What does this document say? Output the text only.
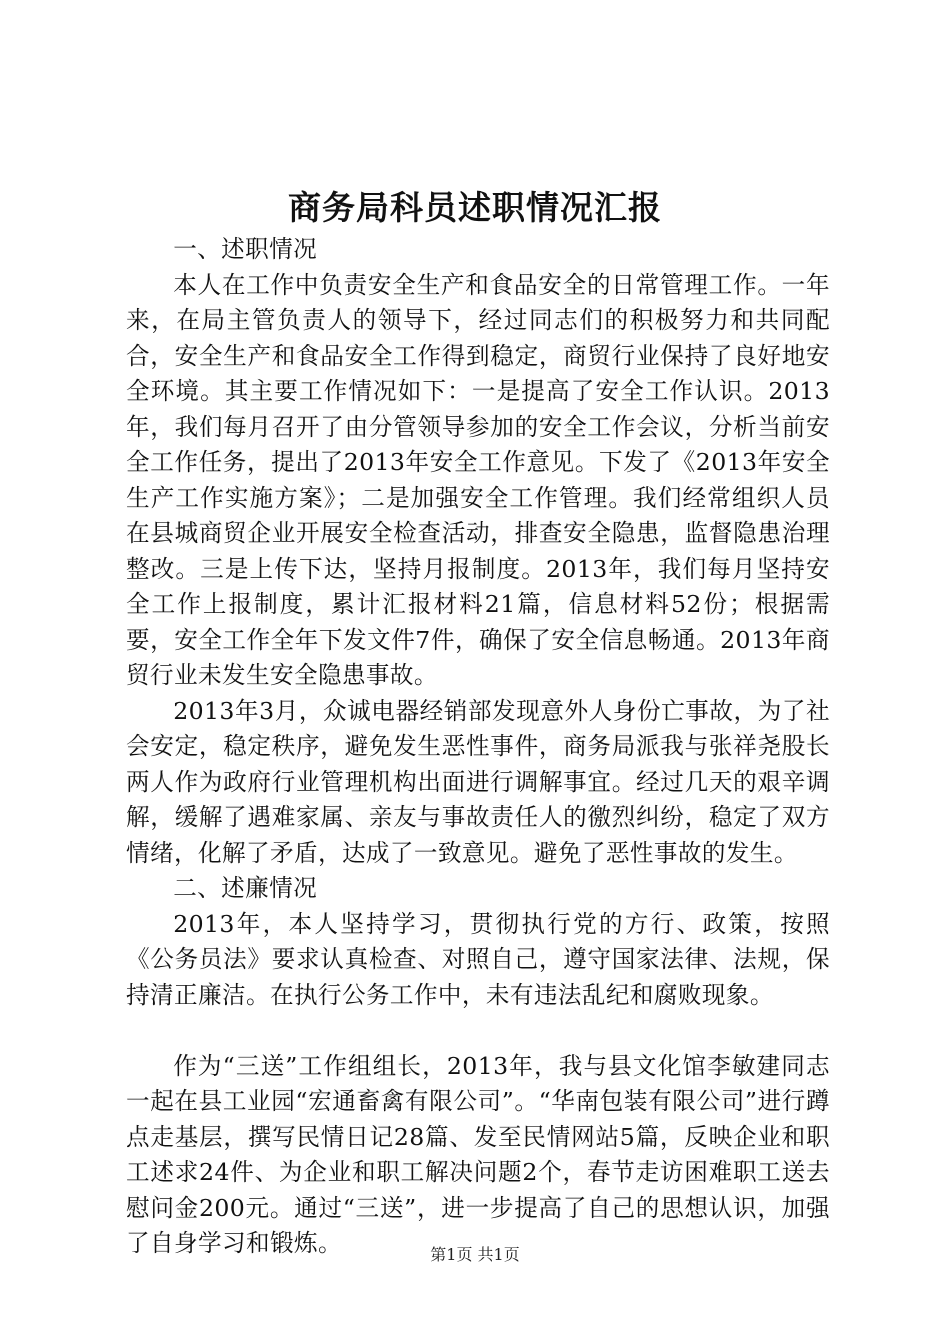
商务局科员述职情况汇报

一、述职情况

本人在工作中负责安全生产和食品安全的日常管理工作。一年来，在局主管负责人的领导下，经过同志们的积极努力和共同配合，安全生产和食品安全工作得到稳定，商贸行业保持了良好地安全环境。其主要工作情况如下：一是提高了安全工作认识。2013年，我们每月召开了由分管领导参加的安全工作会议，分析当前安全工作任务，提出了2013年安全工作意见。下发了《2013年安全生产工作实施方案》；二是加强安全工作管理。我们经常组织人员在县城商贸企业开展安全检查活动，排查安全隐患，监督隐患治理整改。三是上传下达，坚持月报制度。2013年，我们每月坚持安全工作上报制度，累计汇报材料21篇，信息材料52份；根据需要，安全工作全年下发文件7件，确保了安全信息畅通。2013年商贸行业未发生安全隐患事故。

2013年3月，众诚电器经销部发现意外人身份亡事故，为了社会安定，稳定秩序，避免发生恶性事件，商务局派我与张祥尧股长两人作为政府行业管理机构出面进行调解事宜。经过几天的艰辛调解，缓解了遇难家属、亲友与事故责任人的徼烈纠纷，稳定了双方情绪，化解了矛盾，达成了一致意见。避免了恶性事故的发生。

二、述廉情况

2013年，本人坚持学习，贯彻执行党的方行、政策，按照《公务员法》要求认真检查、对照自己，遵守国家法律、法规，保持清正廉洁。在执行公务工作中，未有违法乱纪和腐败现象。

作为“三送”工作组组长，2013年，我与县文化馆李敏建同志一起在县工业园“宏通畜禽有限公司”。“华南包装有限公司”进行蹲点走基层，撰写民情日记28篇、发至民情网站5篇，反映企业和职工述求24件、为企业和职工解决问题2个，春节走访困难职工送去慰问金200元。通过“三送”，进一步提高了自己的思想认识，加强了自身学习和锻炼。	第1页 共1页
